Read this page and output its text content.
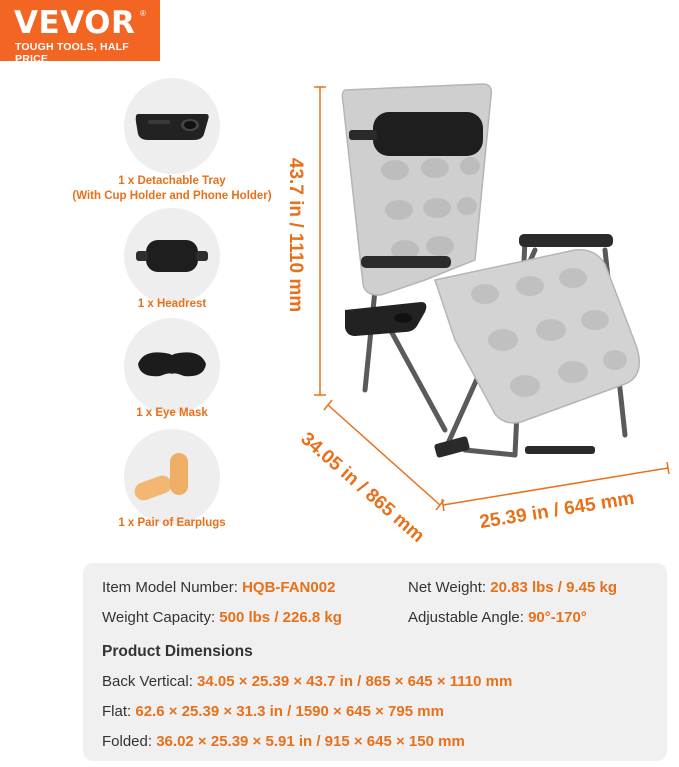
VEVOR ®
TOUGH TOOLS, HALF PRICE
1 x Detachable Tray
(With Cup Holder and Phone Holder)
1 x Headrest
1 x Eye Mask
1 x Pair of Earplugs
43.7 in / 1110 mm
34.05 in / 865 mm	25.39 in / 645 mm
Item Model Number: HQB-FAN002	Net Weight: 20.83 lbs / 9.45 kg
Weight Capacity: 500 lbs / 226.8 kg	Adjustable Angle: 90°-170°
Product Dimensions
Back Vertical: 34.05 × 25.39 × 43.7 in / 865 × 645 × 1110 mm
Flat: 62.6 × 25.39 × 31.3 in / 1590 × 645 × 795 mm
Folded: 36.02 × 25.39 × 5.91 in / 915 × 645 × 150 mm
